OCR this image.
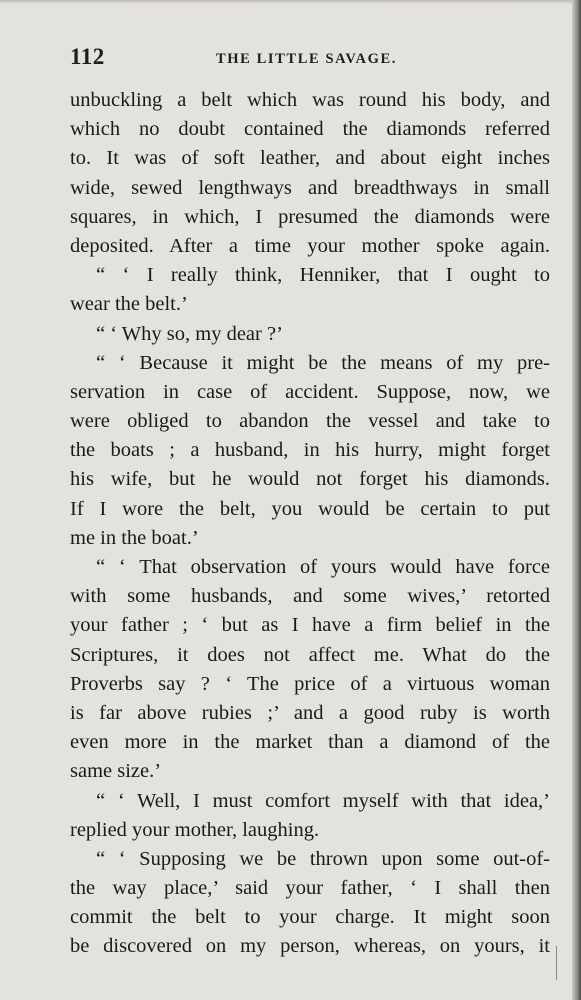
112	THE LITTLE SAVAGE.
unbuckling a belt which was round his body, and
which no doubt contained the diamonds referred
to. It was of soft leather, and about eight inches
wide, sewed lengthways and breadthways in small
squares, in which, I presumed the diamonds were
deposited. After a time your mother spoke again.
“ ‘ I really think, Henniker, that I ought to
wear the belt.’
“ ‘ Why so, my dear ?’
“ ‘ Because it might be the means of my pre-
servation in case of accident. Suppose, now, we
were obliged to abandon the vessel and take to
the boats ; a husband, in his hurry, might forget
his wife, but he would not forget his diamonds.
If I wore the belt, you would be certain to put
me in the boat.’
“ ‘ That observation of yours would have force
with some husbands, and some wives,’ retorted
your father ; ‘ but as I have a firm belief in the
Scriptures, it does not affect me. What do the
Proverbs say ? ‘ The price of a virtuous woman
is far above rubies ;’ and a good ruby is worth
even more in the market than a diamond of the
same size.’
“ ‘ Well, I must comfort myself with that idea,’
replied your mother, laughing.
“ ‘ Supposing we be thrown upon some out-of-
the way place,’ said your father, ‘ I shall then
commit the belt to your charge. It might soon
be discovered on my person, whereas, on yours, it
